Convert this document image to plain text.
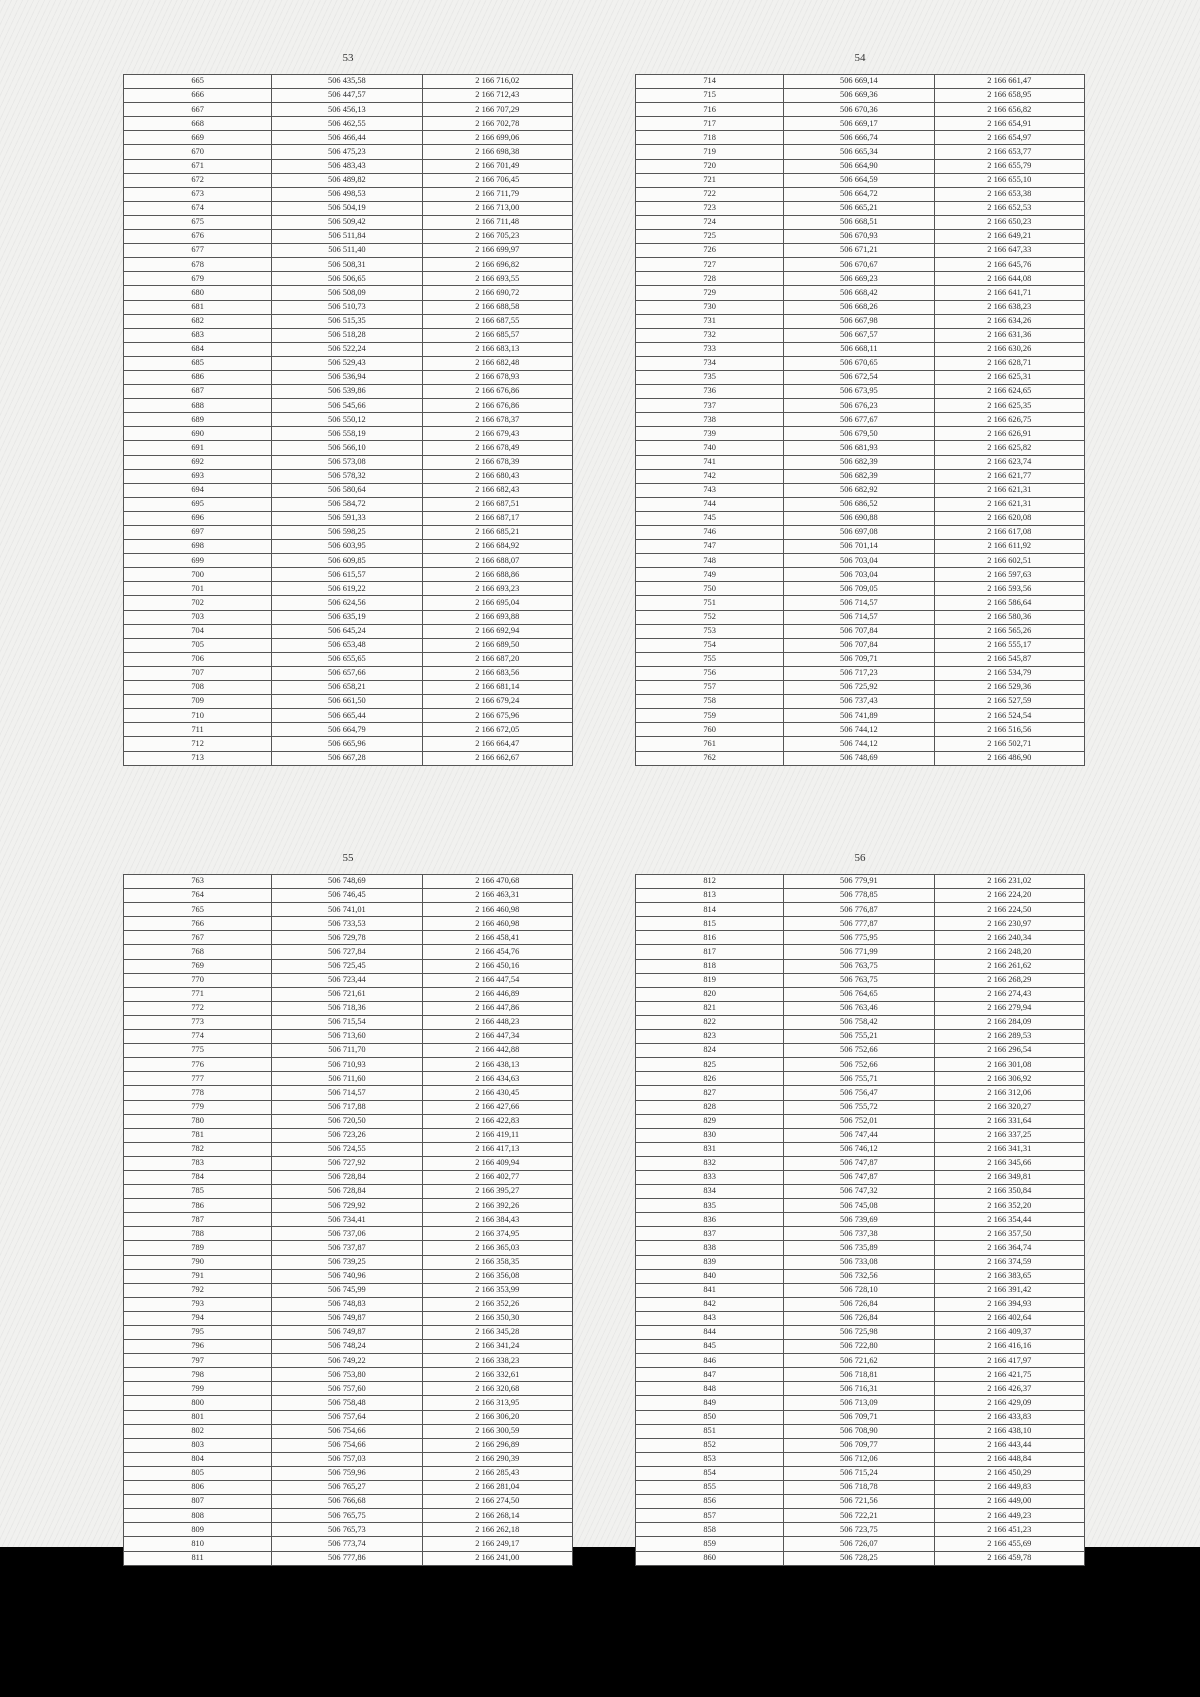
53
665	506 435,58	2 166 716,02
666	506 447,57	2 166 712,43
667	506 456,13	2 166 707,29
668	506 462,55	2 166 702,78
669	506 466,44	2 166 699,06
670	506 475,23	2 166 698,38
671	506 483,43	2 166 701,49
672	506 489,82	2 166 706,45
673	506 498,53	2 166 711,79
674	506 504,19	2 166 713,00
675	506 509,42	2 166 711,48
676	506 511,84	2 166 705,23
677	506 511,40	2 166 699,97
678	506 508,31	2 166 696,82
679	506 506,65	2 166 693,55
680	506 508,09	2 166 690,72
681	506 510,73	2 166 688,58
682	506 515,35	2 166 687,55
683	506 518,28	2 166 685,57
684	506 522,24	2 166 683,13
685	506 529,43	2 166 682,48
686	506 536,94	2 166 678,93
687	506 539,86	2 166 676,86
688	506 545,66	2 166 676,86
689	506 550,12	2 166 678,37
690	506 558,19	2 166 679,43
691	506 566,10	2 166 678,49
692	506 573,08	2 166 678,39
693	506 578,32	2 166 680,43
694	506 580,64	2 166 682,43
695	506 584,72	2 166 687,51
696	506 591,33	2 166 687,17
697	506 598,25	2 166 685,21
698	506 603,95	2 166 684,92
699	506 609,85	2 166 688,07
700	506 615,57	2 166 688,86
701	506 619,22	2 166 693,23
702	506 624,56	2 166 695,04
703	506 635,19	2 166 693,88
704	506 645,24	2 166 692,94
705	506 653,48	2 166 689,50
706	506 655,65	2 166 687,20
707	506 657,66	2 166 683,56
708	506 658,21	2 166 681,14
709	506 661,50	2 166 679,24
710	506 665,44	2 166 675,96
711	506 664,79	2 166 672,05
712	506 665,96	2 166 664,47
713	506 667,28	2 166 662,67
54
714	506 669,14	2 166 661,47
715	506 669,36	2 166 658,95
716	506 670,36	2 166 656,82
717	506 669,17	2 166 654,91
718	506 666,74	2 166 654,97
719	506 665,34	2 166 653,77
720	506 664,90	2 166 655,79
721	506 664,59	2 166 655,10
722	506 664,72	2 166 653,38
723	506 665,21	2 166 652,53
724	506 668,51	2 166 650,23
725	506 670,93	2 166 649,21
726	506 671,21	2 166 647,33
727	506 670,67	2 166 645,76
728	506 669,23	2 166 644,08
729	506 668,42	2 166 641,71
730	506 668,26	2 166 638,23
731	506 667,98	2 166 634,26
732	506 667,57	2 166 631,36
733	506 668,11	2 166 630,26
734	506 670,65	2 166 628,71
735	506 672,54	2 166 625,31
736	506 673,95	2 166 624,65
737	506 676,23	2 166 625,35
738	506 677,67	2 166 626,75
739	506 679,50	2 166 626,91
740	506 681,93	2 166 625,82
741	506 682,39	2 166 623,74
742	506 682,39	2 166 621,77
743	506 682,92	2 166 621,31
744	506 686,52	2 166 621,31
745	506 690,88	2 166 620,08
746	506 697,08	2 166 617,08
747	506 701,14	2 166 611,92
748	506 703,04	2 166 602,51
749	506 703,04	2 166 597,63
750	506 709,05	2 166 593,56
751	506 714,57	2 166 586,64
752	506 714,57	2 166 580,36
753	506 707,84	2 166 565,26
754	506 707,84	2 166 555,17
755	506 709,71	2 166 545,87
756	506 717,23	2 166 534,79
757	506 725,92	2 166 529,36
758	506 737,43	2 166 527,59
759	506 741,89	2 166 524,54
760	506 744,12	2 166 516,56
761	506 744,12	2 166 502,71
762	506 748,69	2 166 486,90
55
763	506 748,69	2 166 470,68
764	506 746,45	2 166 463,31
765	506 741,01	2 166 460,98
766	506 733,53	2 166 460,98
767	506 729,78	2 166 458,41
768	506 727,84	2 166 454,76
769	506 725,45	2 166 450,16
770	506 723,44	2 166 447,54
771	506 721,61	2 166 446,89
772	506 718,36	2 166 447,86
773	506 715,54	2 166 448,23
774	506 713,60	2 166 447,34
775	506 711,70	2 166 442,88
776	506 710,93	2 166 438,13
777	506 711,60	2 166 434,63
778	506 714,57	2 166 430,45
779	506 717,88	2 166 427,66
780	506 720,50	2 166 422,83
781	506 723,26	2 166 419,11
782	506 724,55	2 166 417,13
783	506 727,92	2 166 409,94
784	506 728,84	2 166 402,77
785	506 728,84	2 166 395,27
786	506 729,92	2 166 392,26
787	506 734,41	2 166 384,43
788	506 737,06	2 166 374,95
789	506 737,87	2 166 365,03
790	506 739,25	2 166 358,35
791	506 740,96	2 166 356,08
792	506 745,99	2 166 353,99
793	506 748,83	2 166 352,26
794	506 749,87	2 166 350,30
795	506 749,87	2 166 345,28
796	506 748,24	2 166 341,24
797	506 749,22	2 166 338,23
798	506 753,80	2 166 332,61
799	506 757,60	2 166 320,68
800	506 758,48	2 166 313,95
801	506 757,64	2 166 306,20
802	506 754,66	2 166 300,59
803	506 754,66	2 166 296,89
804	506 757,03	2 166 290,39
805	506 759,96	2 166 285,43
806	506 765,27	2 166 281,04
807	506 766,68	2 166 274,50
808	506 765,75	2 166 268,14
809	506 765,73	2 166 262,18
810	506 773,74	2 166 249,17
811	506 777,86	2 166 241,00
56
812	506 779,91	2 166 231,02
813	506 778,85	2 166 224,20
814	506 776,87	2 166 224,50
815	506 777,87	2 166 230,97
816	506 775,95	2 166 240,34
817	506 771,99	2 166 248,20
818	506 763,75	2 166 261,62
819	506 763,75	2 166 268,29
820	506 764,65	2 166 274,43
821	506 763,46	2 166 279,94
822	506 758,42	2 166 284,09
823	506 755,21	2 166 289,53
824	506 752,66	2 166 296,54
825	506 752,66	2 166 301,08
826	506 755,71	2 166 306,92
827	506 756,47	2 166 312,06
828	506 755,72	2 166 320,27
829	506 752,01	2 166 331,64
830	506 747,44	2 166 337,25
831	506 746,12	2 166 341,31
832	506 747,87	2 166 345,66
833	506 747,87	2 166 349,81
834	506 747,32	2 166 350,84
835	506 745,08	2 166 352,20
836	506 739,69	2 166 354,44
837	506 737,38	2 166 357,50
838	506 735,89	2 166 364,74
839	506 733,08	2 166 374,59
840	506 732,56	2 166 383,65
841	506 728,10	2 166 391,42
842	506 726,84	2 166 394,93
843	506 726,84	2 166 402,64
844	506 725,98	2 166 409,37
845	506 722,80	2 166 416,16
846	506 721,62	2 166 417,97
847	506 718,81	2 166 421,75
848	506 716,31	2 166 426,37
849	506 713,09	2 166 429,09
850	506 709,71	2 166 433,83
851	506 708,90	2 166 438,10
852	506 709,77	2 166 443,44
853	506 712,06	2 166 448,84
854	506 715,24	2 166 450,29
855	506 718,78	2 166 449,83
856	506 721,56	2 166 449,00
857	506 722,21	2 166 449,23
858	506 723,75	2 166 451,23
859	506 726,07	2 166 455,69
860	506 728,25	2 166 459,78
